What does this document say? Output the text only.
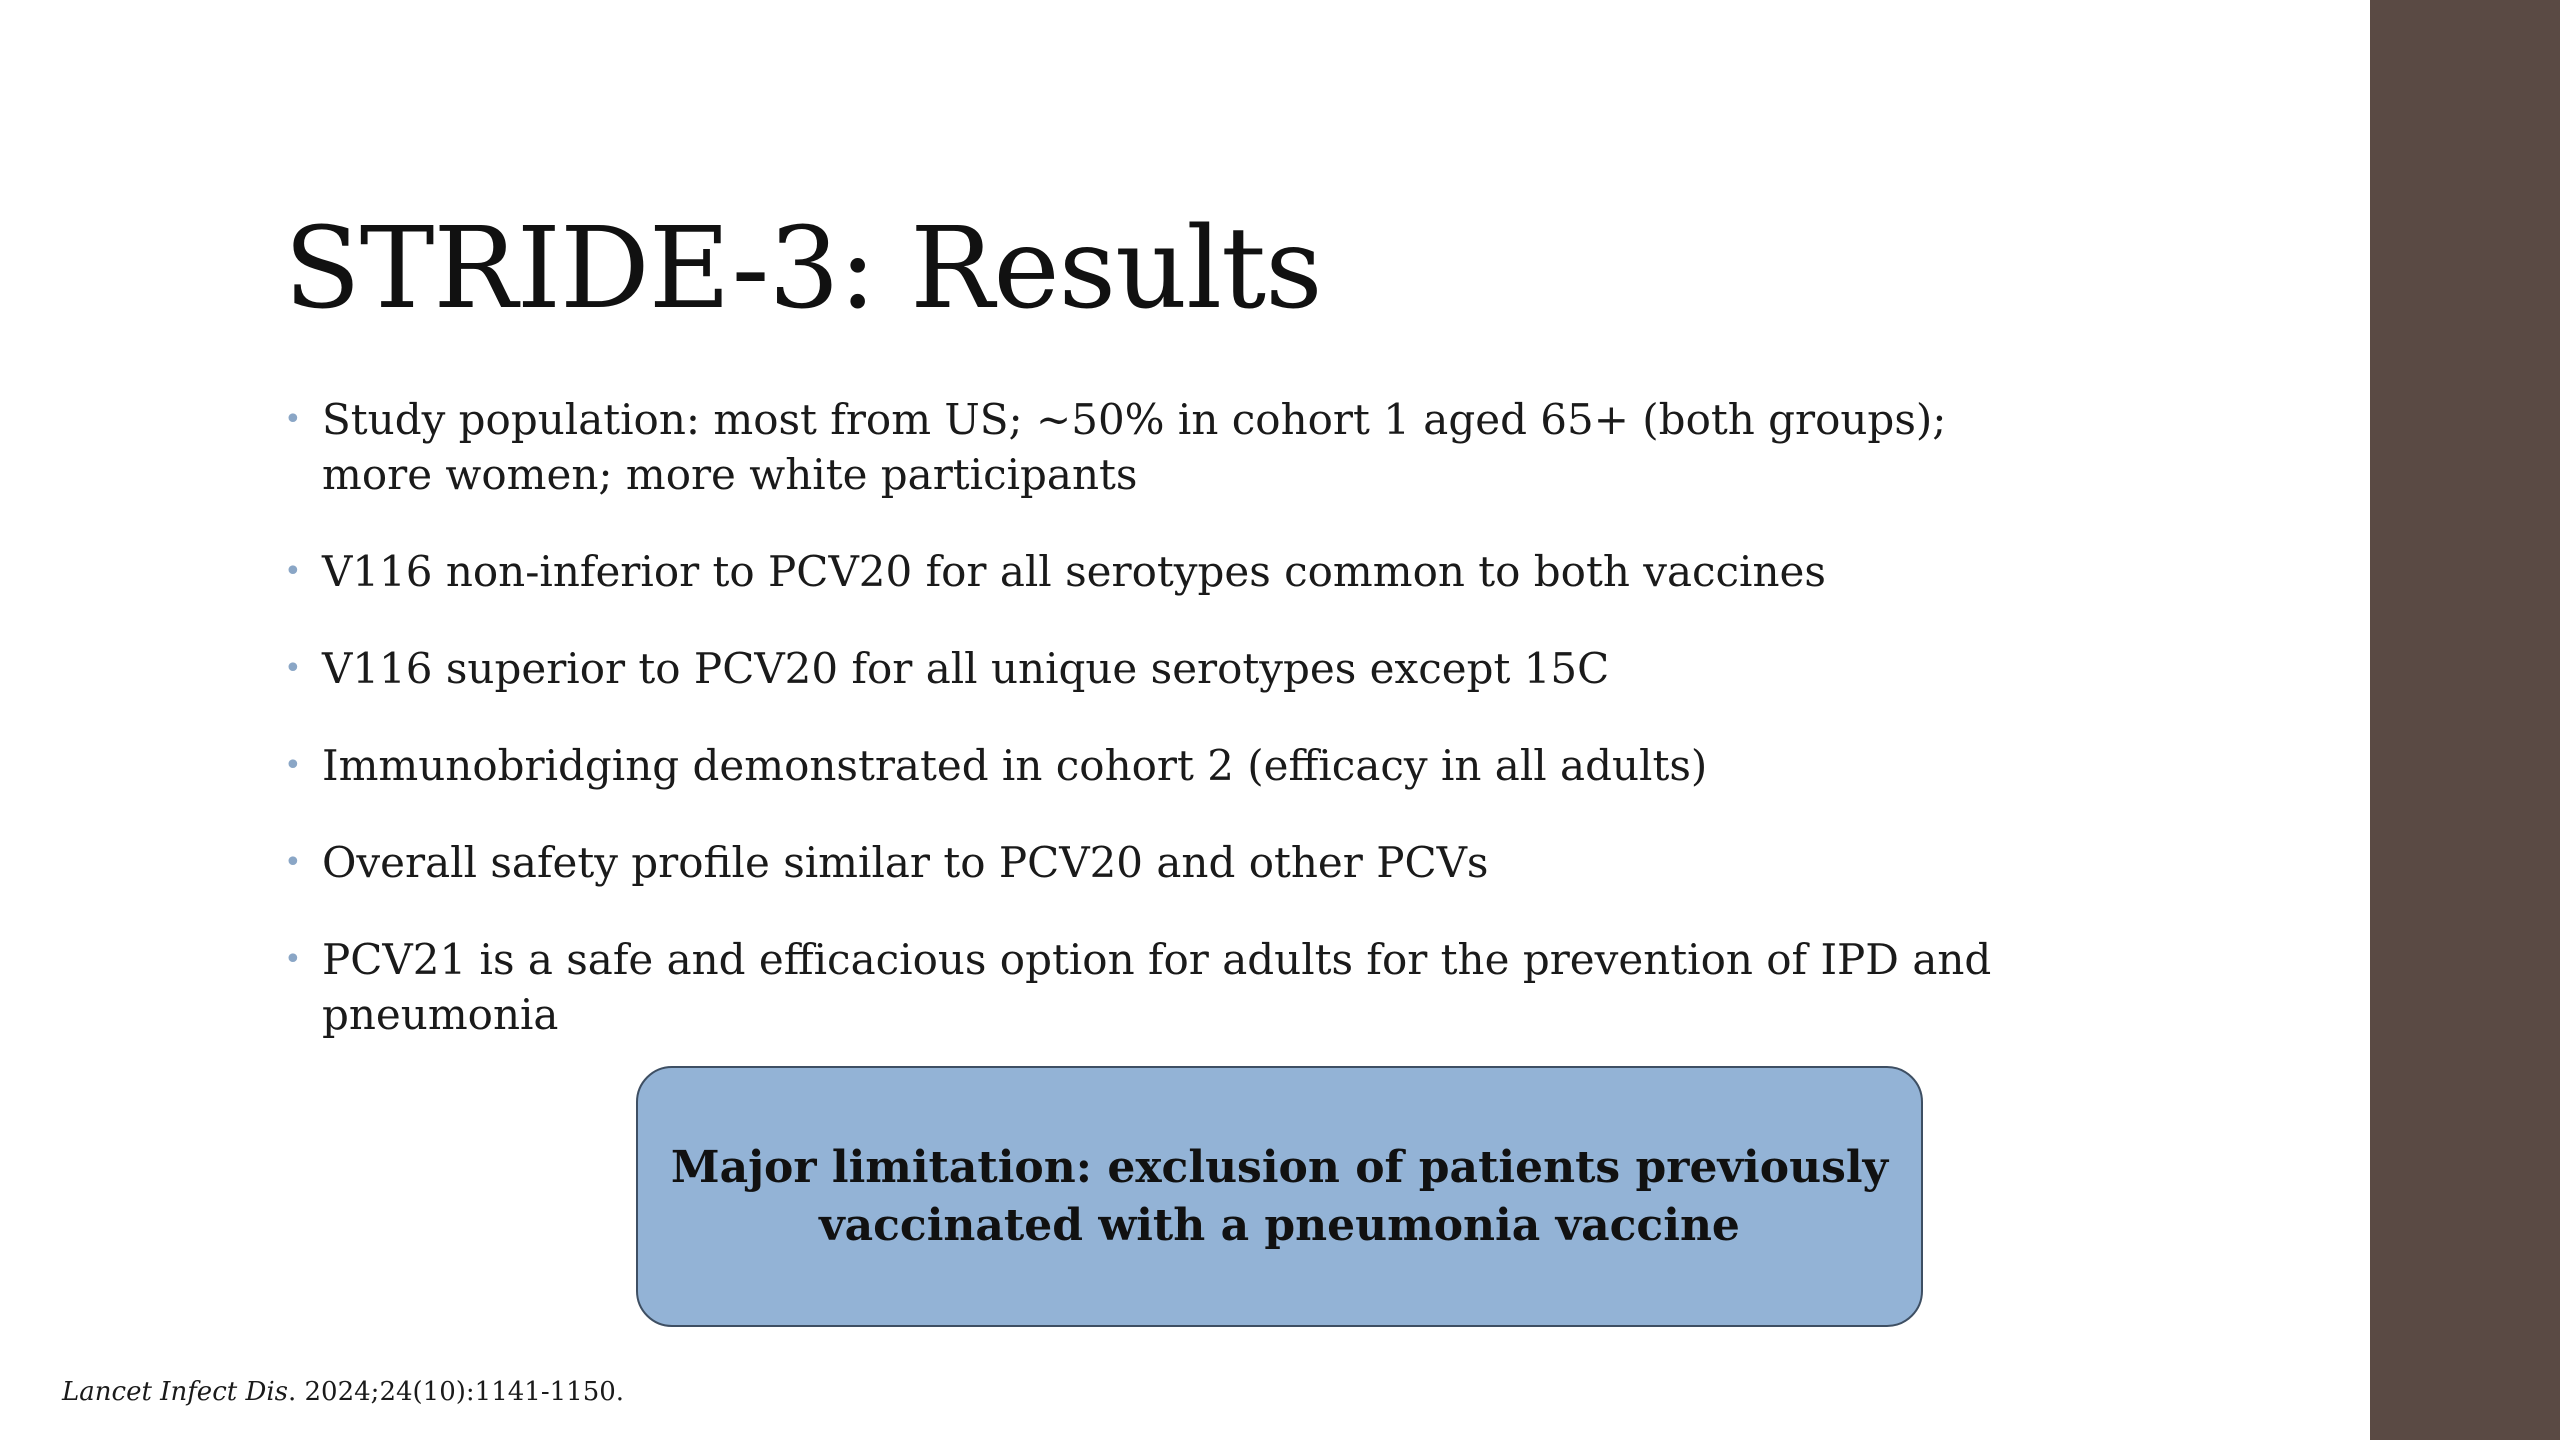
STRIDE-3: Results
• Study population: most from US; ~50% in cohort 1 aged 65+ (both groups); more women; more white participants
• V116 non-inferior to PCV20 for all serotypes common to both vaccines
• V116 superior to PCV20 for all unique serotypes except 15C
• Immunobridging demonstrated in cohort 2 (efficacy in all adults)
• Overall safety profile similar to PCV20 and other PCVs
• PCV21 is a safe and efficacious option for adults for the prevention of IPD and pneumonia
Major limitation: exclusion of patients previously vaccinated with a pneumonia vaccine
Lancet Infect Dis. 2024;24(10):1141-1150.
